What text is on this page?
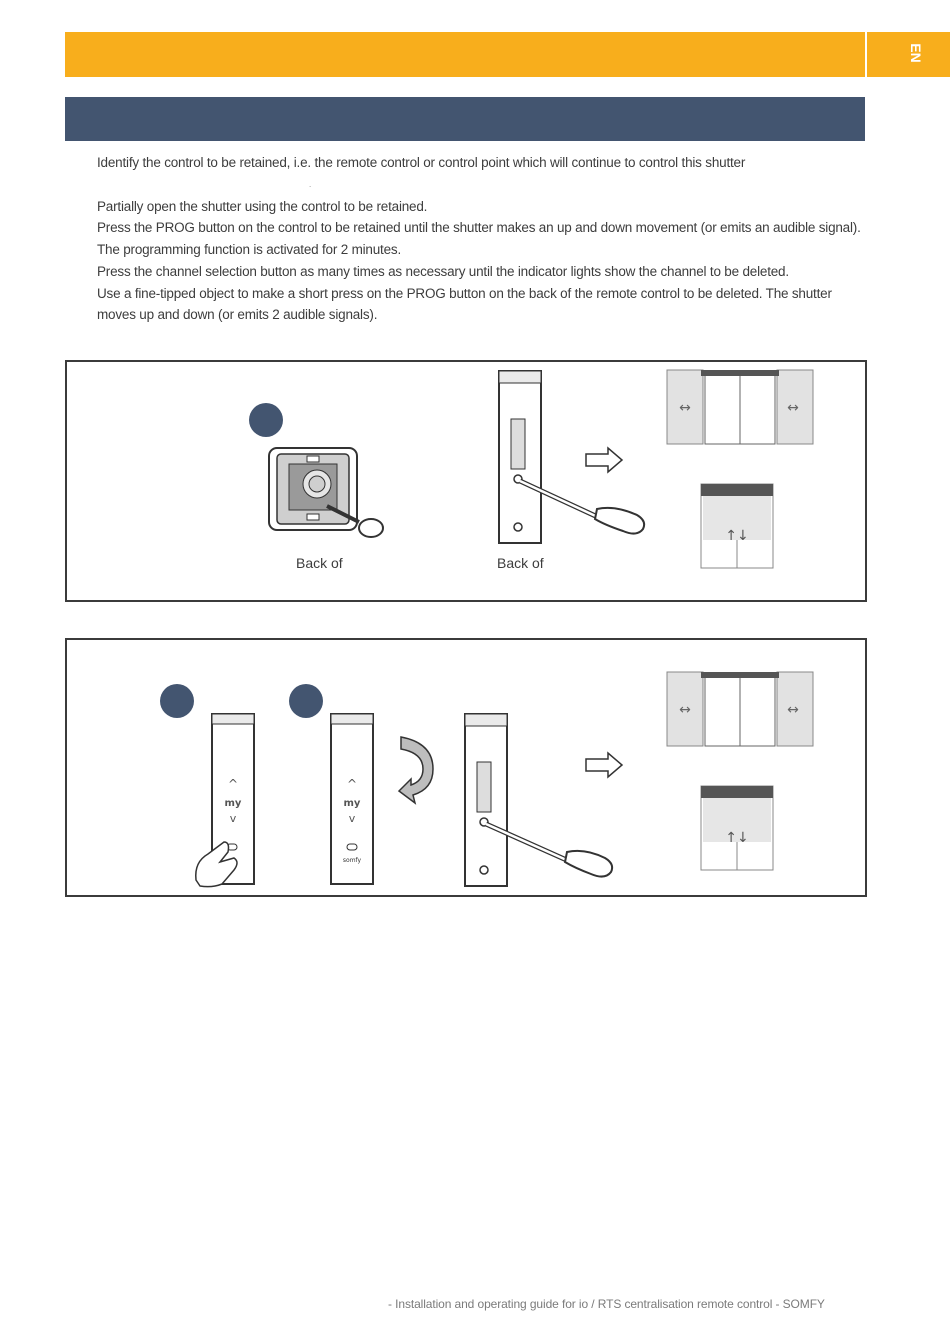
EN

Identify the control to be retained, i.e. the remote control or control point which will continue to control this shutter

.

Partially open the shutter using the control to be retained.

Press the PROG button on the control to be retained until the shutter makes an up and down movement (or emits an audible signal).

The programming function is activated for 2 minutes.

Press the channel selection button as many times as necessary until the indicator lights show the channel to be deleted.

Use a fine-tipped object to make a short press on the PROG button on the back of the remote control to be deleted. The shutter moves up and down (or emits 2 audible signals).

Back of	Back of
↔	↔
↑↓
^
my
v
^
my
v
somfy
↔	↔
↑↓
- Installation and operating guide for io / RTS centralisation remote control - SOMFY
